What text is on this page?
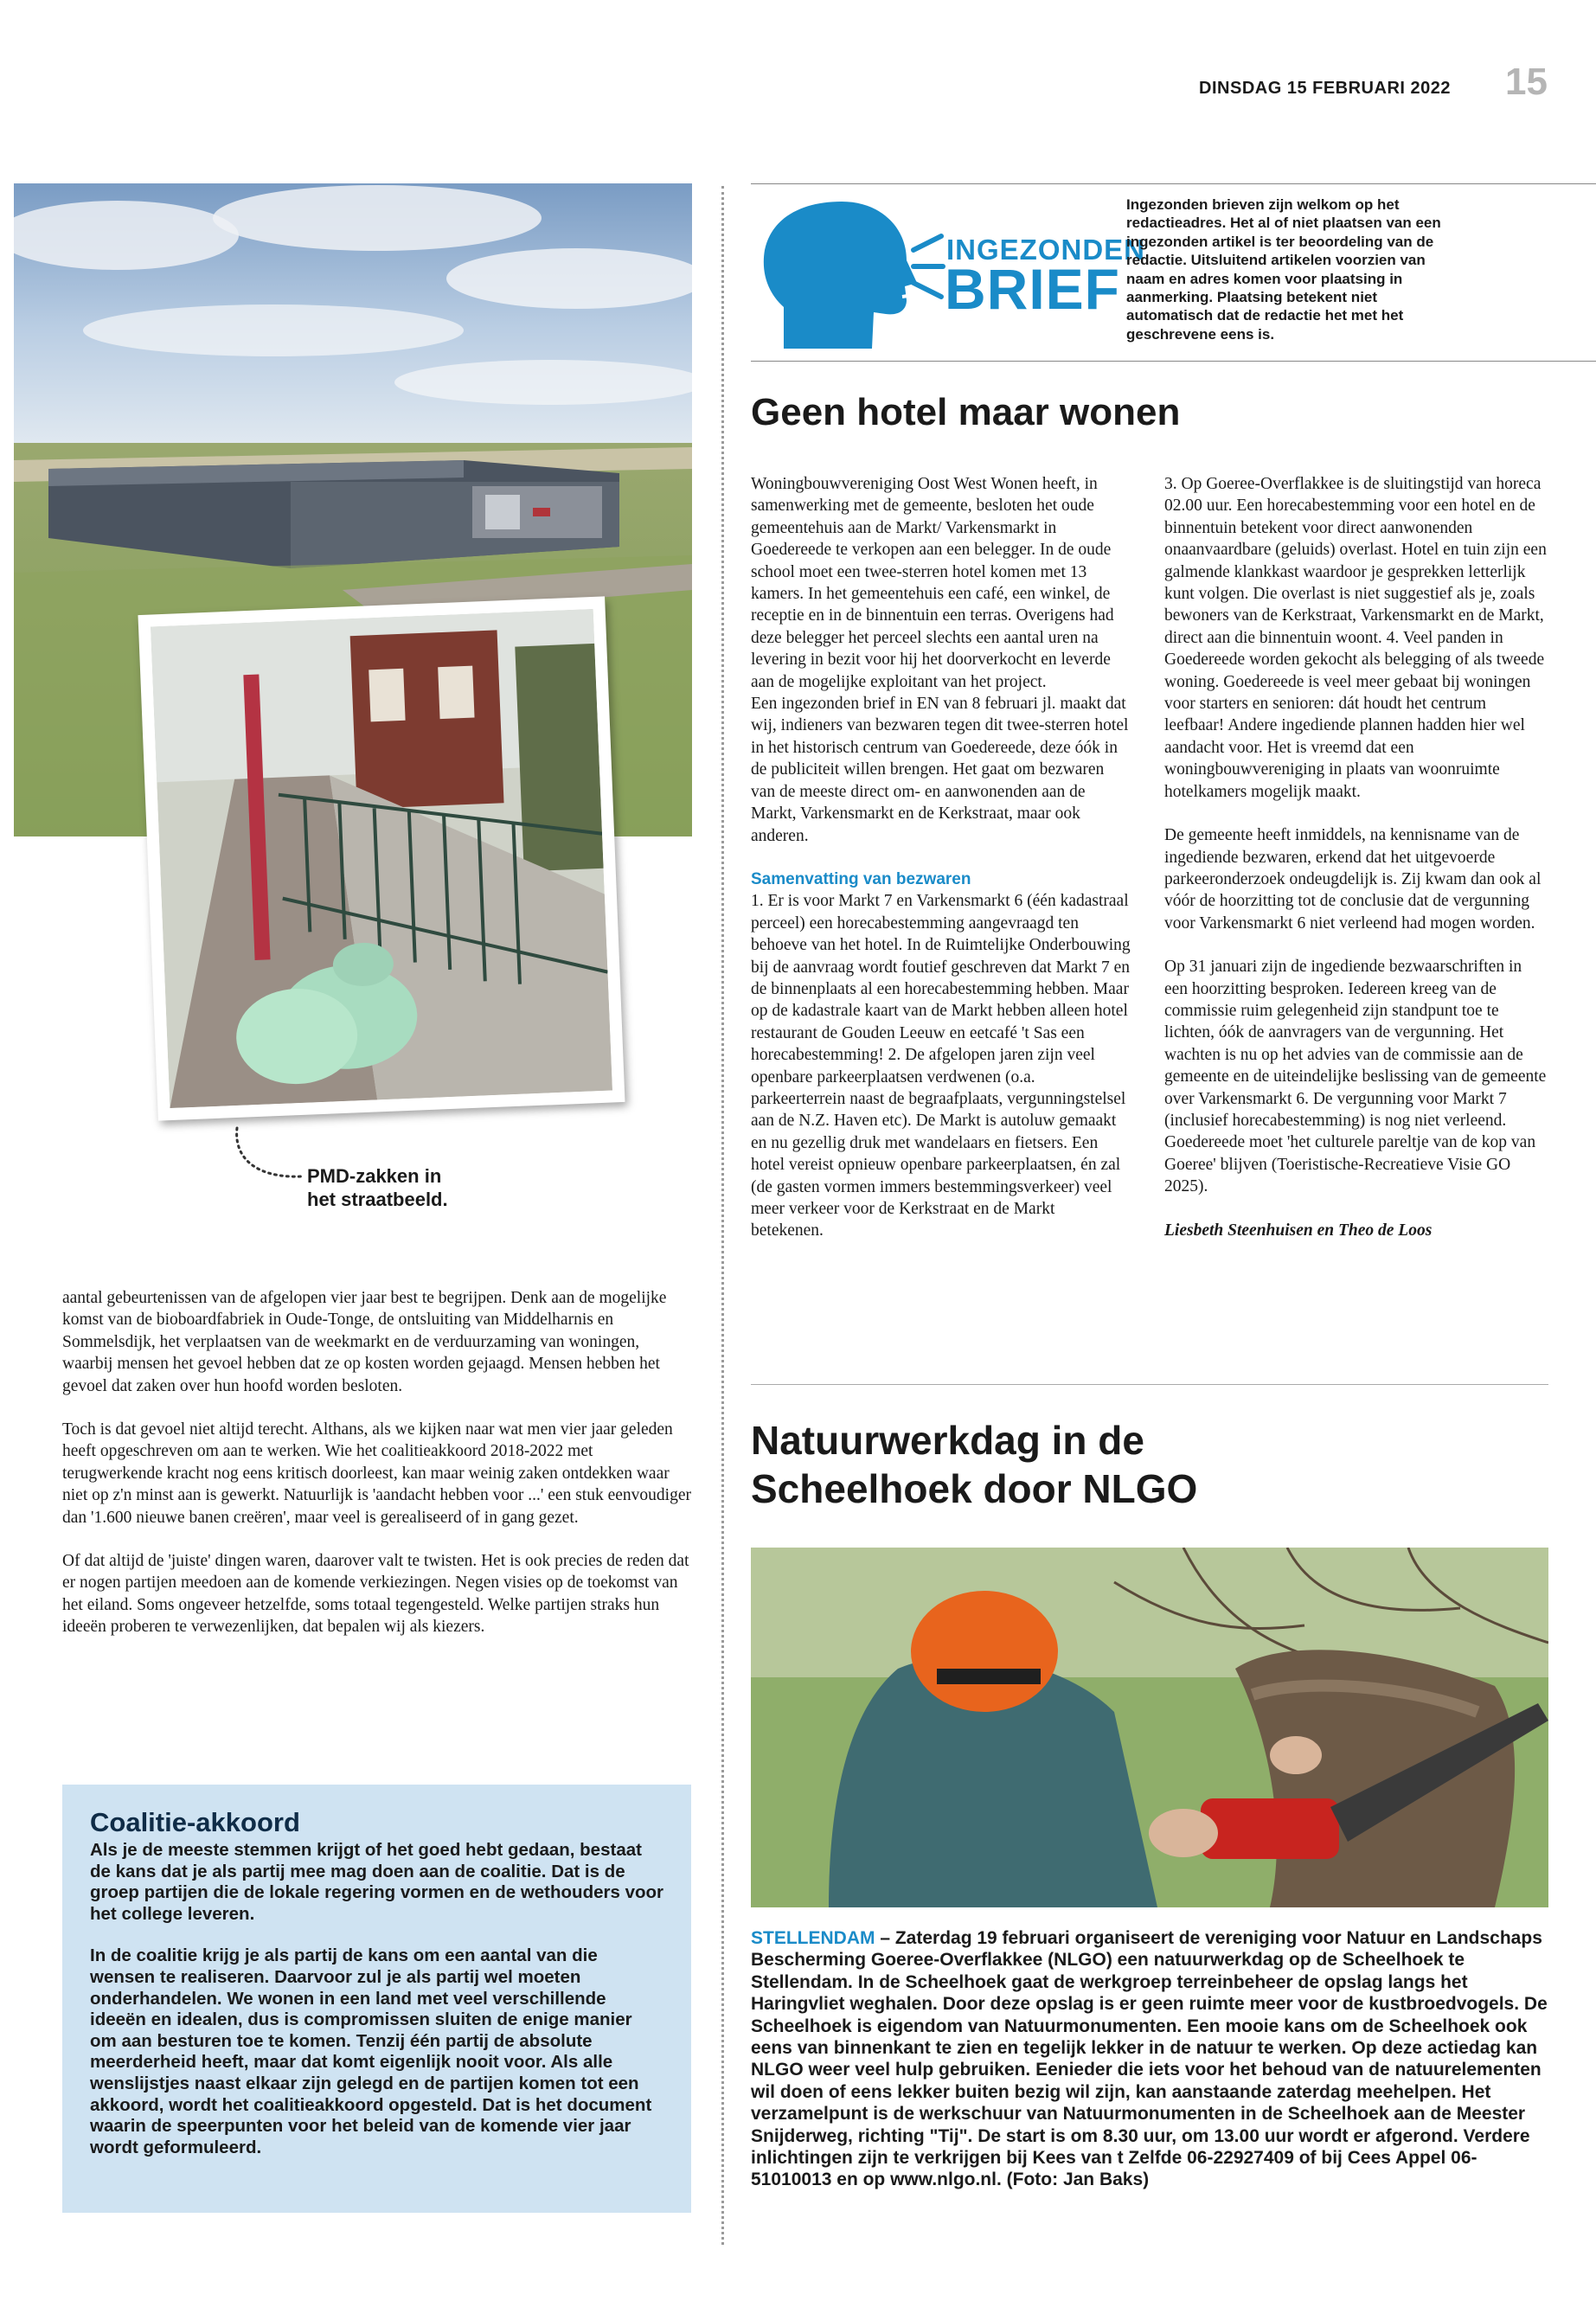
DINSDAG 15 FEBRUARI 2022 15
PMD-zakken in
het straatbeeld.

aantal gebeurtenissen van de afgelopen vier jaar best te begrijpen. Denk aan de mogelijke komst van de bioboardfabriek in Oude-Tonge, de ontsluiting van Middelharnis en Sommelsdijk, het verplaatsen van de weekmarkt en de verduurzaming van woningen, waarbij mensen het gevoel hebben dat ze op kosten worden gejaagd. Mensen hebben het gevoel dat zaken over hun hoofd worden besloten.

Toch is dat gevoel niet altijd terecht. Althans, als we kijken naar wat men vier jaar geleden heeft opgeschreven om aan te werken. Wie het coalitieakkoord 2018-2022 met terugwerkende kracht nog eens kritisch doorleest, kan maar weinig zaken ontdekken waar niet op z'n minst aan is gewerkt. Natuurlijk is 'aandacht hebben voor ...' een stuk eenvoudiger dan '1.600 nieuwe banen creëren', maar veel is gerealiseerd of in gang gezet.

Of dat altijd de 'juiste' dingen waren, daarover valt te twisten. Het is ook precies de reden dat er nogen partijen meedoen aan de komende verkiezingen. Negen visies op de toekomst van het eiland. Soms ongeveer hetzelfde, soms totaal tegengesteld. Welke partijen straks hun ideeën proberen te verwezenlijken, dat bepalen wij als kiezers.

Coalitie-akkoord

Als je de meeste stemmen krijgt of het goed hebt gedaan, bestaat de kans dat je als partij mee mag doen aan de coalitie. Dat is de groep partijen die de lokale regering vormen en de wethouders voor het college leveren.

In de coalitie krijg je als partij de kans om een aantal van die wensen te realiseren. Daarvoor zul je als partij wel moeten onderhandelen. We wonen in een land met veel verschillende ideeën en idealen, dus is compromissen sluiten de enige manier om aan besturen toe te komen. Tenzij één partij de absolute meerderheid heeft, maar dat komt eigenlijk nooit voor. Als alle wenslijstjes naast elkaar zijn gelegd en de partijen komen tot een akkoord, wordt het coalitieakkoord opgesteld. Dat is het document waarin de speerpunten voor het beleid van de komende vier jaar wordt geformuleerd.

INGEZONDEN
BRIEF
Ingezonden brieven zijn welkom op het redactieadres. Het al of niet plaatsen van een ingezonden artikel is ter beoordeling van de redactie. Uitsluitend artikelen voorzien van naam en adres komen voor plaatsing in aanmerking. Plaatsing betekent niet automatisch dat de redactie het met het geschrevene eens is.
Geen hotel maar wonen

Woningbouwvereniging Oost West Wonen heeft, in samenwerking met de gemeente, besloten het oude gemeentehuis aan de Markt/ Varkensmarkt in Goedereede te verkopen aan een belegger. In de oude school moet een twee-sterren hotel komen met 13 kamers. In het gemeentehuis een café, een winkel, de receptie en in de binnentuin een terras. Overigens had deze belegger het perceel slechts een aantal uren na levering in bezit voor hij het doorverkocht en leverde aan de mogelijke exploitant van het project.

Een ingezonden brief in EN van 8 februari jl. maakt dat wij, indieners van bezwaren tegen dit twee-sterren hotel in het historisch centrum van Goedereede, deze óók in de publiciteit willen brengen. Het gaat om bezwaren van de meeste direct om- en aanwonenden aan de Markt, Varkensmarkt en de Kerkstraat, maar ook anderen.

Samenvatting van bezwaren

1. Er is voor Markt 7 en Varkensmarkt 6 (één kadastraal perceel) een horecabestemming aangevraagd ten behoeve van het hotel. In de Ruimtelijke Onderbouwing bij de aanvraag wordt foutief geschreven dat Markt 7 en de binnenplaats al een horecabestemming hebben. Maar op de kadastrale kaart van de Markt hebben alleen hotel restaurant de Gouden Leeuw en eetcafé 't Sas een horecabestemming! 2. De afgelopen jaren zijn veel openbare parkeerplaatsen verdwenen (o.a. parkeerterrein naast de begraafplaats, vergunningstelsel aan de N.Z. Haven etc). De Markt is autoluw gemaakt en nu gezellig druk met wandelaars en fietsers. Een hotel vereist opnieuw openbare parkeerplaatsen, én zal (de gasten vormen immers bestemmingsverkeer) veel meer verkeer voor de Kerkstraat en de Markt betekenen.

3. Op Goeree-Overflakkee is de sluitingstijd van horeca 02.00 uur. Een horecabestemming voor een hotel en de binnentuin betekent voor direct aanwonenden onaanvaardbare (geluids) overlast. Hotel en tuin zijn een galmende klankkast waardoor je gesprekken letterlijk kunt volgen. Die overlast is niet suggestief als je, zoals bewoners van de Kerkstraat, Varkensmarkt en de Markt, direct aan die binnentuin woont. 4. Veel panden in Goedereede worden gekocht als belegging of als tweede woning. Goedereede is veel meer gebaat bij woningen voor starters en senioren: dát houdt het centrum leefbaar! Andere ingediende plannen hadden hier wel aandacht voor. Het is vreemd dat een woningbouwvereniging in plaats van woonruimte hotelkamers mogelijk maakt.

De gemeente heeft inmiddels, na kennisname van de ingediende bezwaren, erkend dat het uitgevoerde parkeeronderzoek ondeugdelijk is. Zij kwam dan ook al vóór de hoorzitting tot de conclusie dat de vergunning voor Varkensmarkt 6 niet verleend had mogen worden.

Op 31 januari zijn de ingediende bezwaarschriften in een hoorzitting besproken. Iedereen kreeg van de commissie ruim gelegenheid zijn standpunt toe te lichten, óók de aanvragers van de vergunning. Het wachten is nu op het advies van de commissie aan de gemeente en de uiteindelijke beslissing van de gemeente over Varkensmarkt 6. De vergunning voor Markt 7 (inclusief horecabestemming) is nog niet verleend. Goedereede moet 'het culturele pareltje van de kop van Goeree' blijven (Toeristische-Recreatieve Visie GO 2025).

Liesbeth Steenhuisen en Theo de Loos

Natuurwerkdag in de Scheelhoek door NLGO
STELLENDAM – Zaterdag 19 februari organiseert de vereniging voor Natuur en Landschaps Bescherming Goeree-Overflakkee (NLGO) een natuurwerkdag op de Scheelhoek te Stellendam. In de Scheelhoek gaat de werkgroep terreinbeheer de opslag langs het Haringvliet weghalen. Door deze opslag is er geen ruimte meer voor de kustbroedvogels. De Scheelhoek is eigendom van Natuurmonumenten. Een mooie kans om de Scheelhoek ook eens van binnenkant te zien en tegelijk lekker in de natuur te werken. Op deze actiedag kan NLGO weer veel hulp gebruiken. Eenieder die iets voor het behoud van de natuurelementen wil doen of eens lekker buiten bezig wil zijn, kan aanstaande zaterdag meehelpen. Het verzamelpunt is de werkschuur van Natuurmonumenten in de Scheelhoek aan de Meester Snijderweg, richting "Tij". De start is om 8.30 uur, om 13.00 uur wordt er afgerond. Verdere inlichtingen zijn te verkrijgen bij Kees van t Zelfde 06-22927409 of bij Cees Appel 06-51010013 en op www.nlgo.nl. (Foto: Jan Baks)
